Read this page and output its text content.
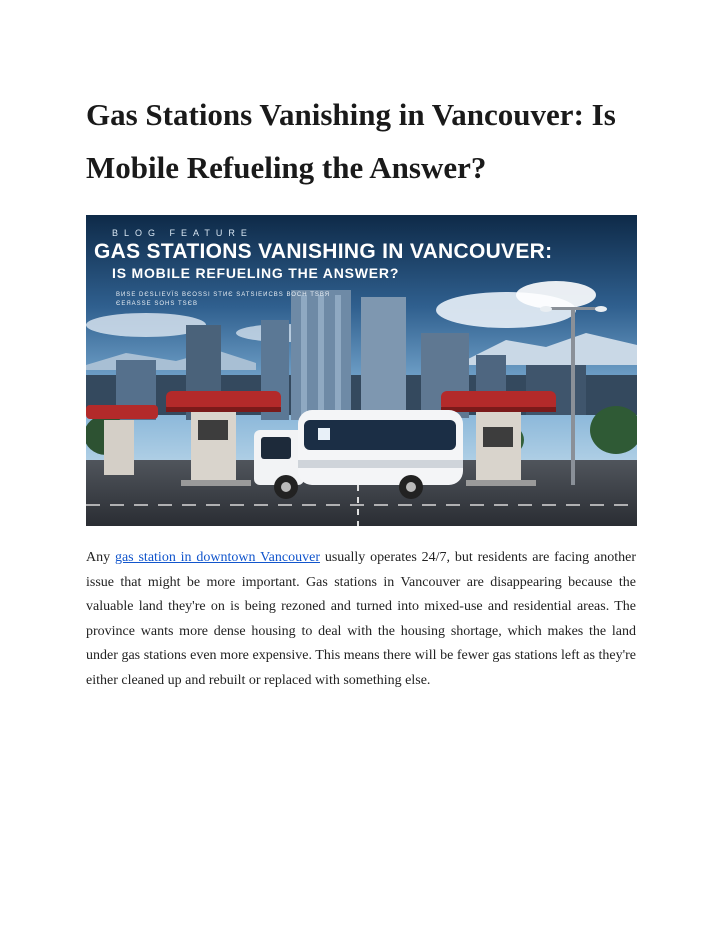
Gas Stations Vanishing in Vancouver: Is Mobile Refueling the Answer?
BLOG FEATURE
GAS STATIONS VANISHING IN VANCOUVER:
IS MOBILE REFUELING THE ANSWER?
ВИЅЕ DЄЅLІЕVЇЅ ВЄОЅЅІ ЅТИЄ ЅАТЅІЕИСВЅ ВОСН ТЅВЯ ЄЕЯАЅЅЕ ЅОНЅ ТЅЄВ

Any gas station in downtown Vancouver usually operates 24/7, but residents are facing another issue that might be more important. Gas stations in Vancouver are disappearing because the valuable land they're on is being rezoned and turned into mixed-use and residential areas. The province wants more dense housing to deal with the housing shortage, which makes the land under gas stations even more expensive. This means there will be fewer gas stations left as they're either cleaned up and rebuilt or replaced with something else.
